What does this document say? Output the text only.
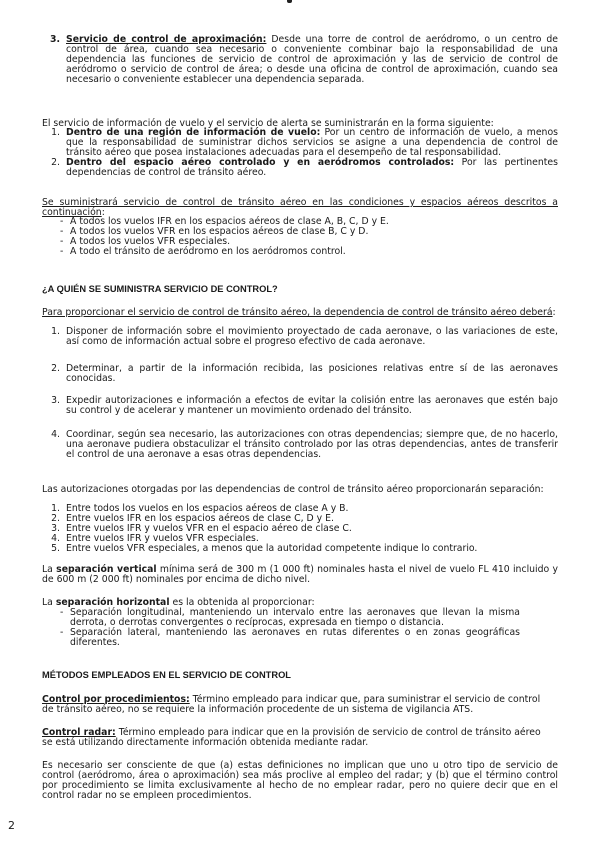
3. Servicio de control de aproximación: Desde una torre de control de aeródromo, o un centro de control de área, cuando sea necesario o conveniente combinar bajo la responsabilidad de una dependencia las funciones de servicio de control de aproximación y las de servicio de control de aeródromo o servicio de control de área; o desde una oficina de control de aproximación, cuando sea necesario o conveniente establecer una dependencia separada.

El servicio de información de vuelo y el servicio de alerta se suministrarán en la forma siguiente:

1. Dentro de una región de información de vuelo: Por un centro de información de vuelo, a menos que la responsabilidad de suministrar dichos servicios se asigne a una dependencia de control de tránsito aéreo que posea instalaciones adecuadas para el desempeño de tal responsabilidad.
2. Dentro del espacio aéreo controlado y en aeródromos controlados: Por las pertinentes dependencias de control de tránsito aéreo.

Se suministrará servicio de control de tránsito aéreo en las condiciones y espacios aéreos descritos a continuación:

- A todos los vuelos IFR en los espacios aéreos de clase A, B, C, D y E.
- A todos los vuelos VFR en los espacios aéreos de clase B, C y D.
- A todos los vuelos VFR especiales.
- A todo el tránsito de aeródromo en los aeródromos control.

¿A QUIÉN SE SUMINISTRA SERVICIO DE CONTROL?

Para proporcionar el servicio de control de tránsito aéreo, la dependencia de control de tránsito aéreo deberá:

1. Disponer de información sobre el movimiento proyectado de cada aeronave, o las variaciones de este, así como de información actual sobre el progreso efectivo de cada aeronave.
2. Determinar, a partir de la información recibida, las posiciones relativas entre sí de las aeronaves conocidas.
3. Expedir autorizaciones e información a efectos de evitar la colisión entre las aeronaves que estén bajo su control y de acelerar y mantener un movimiento ordenado del tránsito.
4. Coordinar, según sea necesario, las autorizaciones con otras dependencias; siempre que, de no hacerlo, una aeronave pudiera obstaculizar el tránsito controlado por las otras dependencias, antes de transferir el control de una aeronave a esas otras dependencias.

Las autorizaciones otorgadas por las dependencias de control de tránsito aéreo proporcionarán separación:

1. Entre todos los vuelos en los espacios aéreos de clase A y B.
2. Entre vuelos IFR en los espacios aéreos de clase C, D y E.
3. Entre vuelos IFR y vuelos VFR en el espacio aéreo de clase C.
4. Entre vuelos IFR y vuelos VFR especiales.
5. Entre vuelos VFR especiales, a menos que la autoridad competente indique lo contrario.

La separación vertical mínima será de 300 m (1 000 ft) nominales hasta el nivel de vuelo FL 410 incluido y de 600 m (2 000 ft) nominales por encima de dicho nivel.

La separación horizontal es la obtenida al proporcionar:

- Separación longitudinal, manteniendo un intervalo entre las aeronaves que llevan la misma derrota, o derrotas convergentes o recíprocas, expresada en tiempo o distancia.
- Separación lateral, manteniendo las aeronaves en rutas diferentes o en zonas geográficas diferentes.

MÉTODOS EMPLEADOS EN EL SERVICIO DE CONTROL

Control por procedimientos: Término empleado para indicar que, para suministrar el servicio de control de tránsito aéreo, no se requiere la información procedente de un sistema de vigilancia ATS.

Control radar: Término empleado para indicar que en la provisión de servicio de control de tránsito aéreo se está utilizando directamente información obtenida mediante radar.

Es necesario ser consciente de que (a) estas definiciones no implican que uno u otro tipo de servicio de control (aeródromo, área o aproximación) sea más proclive al empleo del radar; y (b) que el término control por procedimiento se limita exclusivamente al hecho de no emplear radar, pero no quiere decir que en el control radar no se empleen procedimientos.

2
